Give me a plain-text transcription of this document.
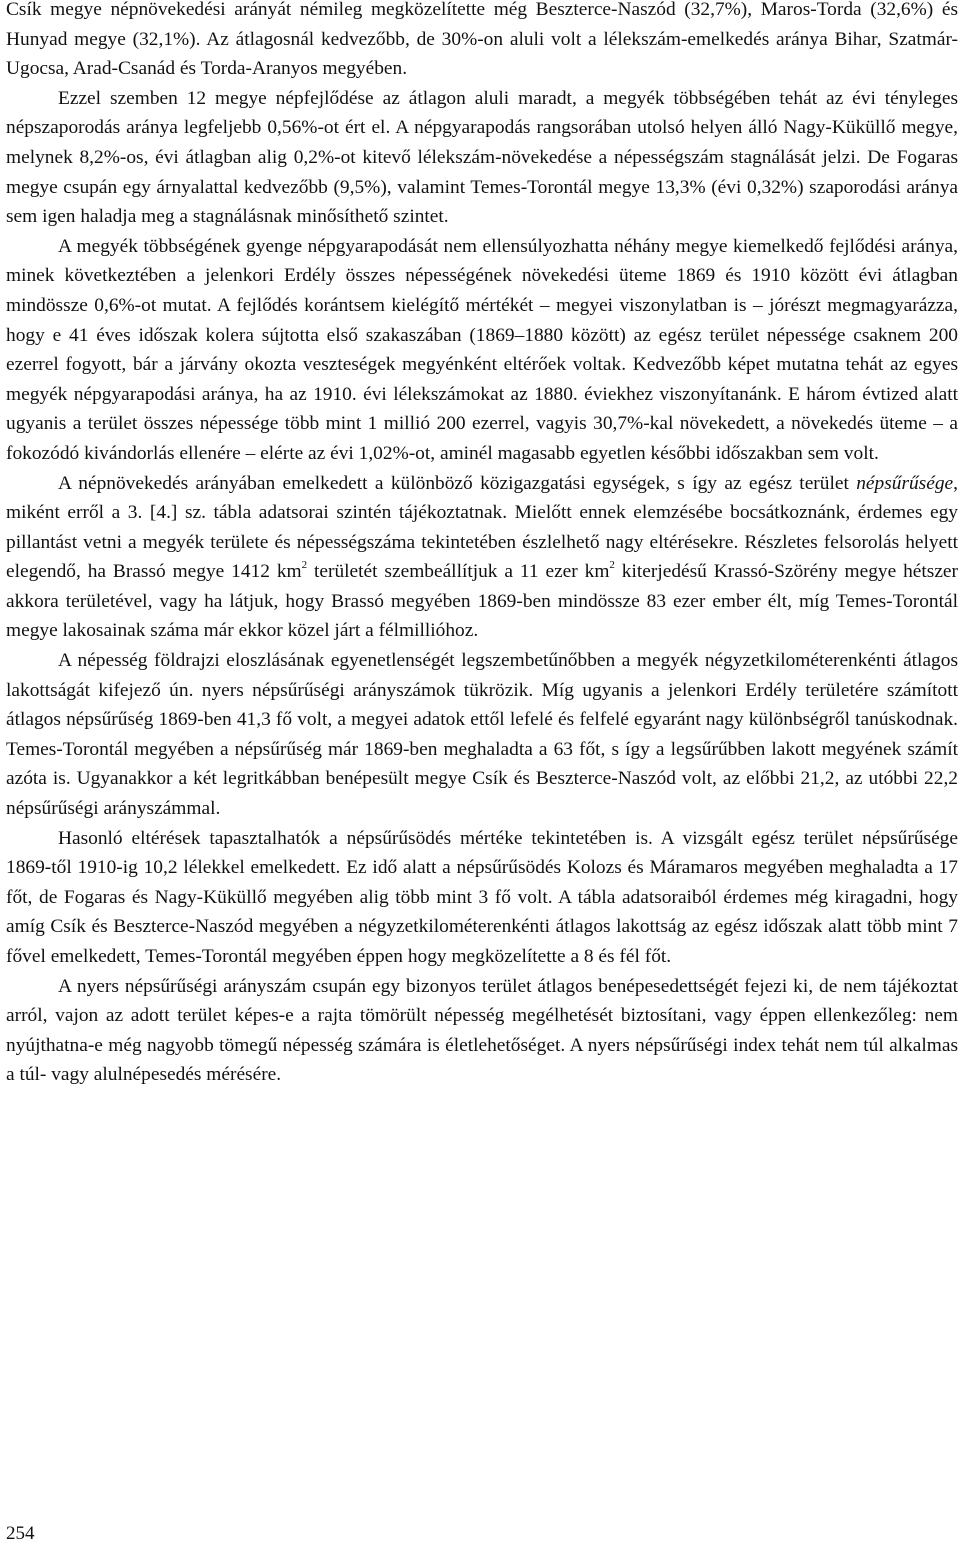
Csík megye népnövekedési arányát némileg megközelítette még Beszterce-Naszód (32,7%), Maros-Torda (32,6%) és Hunyad megye (32,1%). Az átlagosnál kedvezőbb, de 30%-on aluli volt a lélekszám-emelkedés aránya Bihar, Szatmár-Ugocsa, Arad-Csanád és Torda-Aranyos megyében.

Ezzel szemben 12 megye népfejlődése az átlagon aluli maradt, a megyék többségében tehát az évi tényleges népszaporodás aránya legfeljebb 0,56%-ot ért el. A népgyarapodás rangsorában utolsó helyen álló Nagy-Küküllő megye, melynek 8,2%-os, évi átlagban alig 0,2%-ot kitevő lélekszám-növekedése a népességszám stagnálását jelzi. De Fogaras megye csupán egy árnyalattal kedvezőbb (9,5%), valamint Temes-Torontál megye 13,3% (évi 0,32%) szaporodási aránya sem igen haladja meg a stagnálásnak minősíthető szintet.

A megyék többségének gyenge népgyarapodását nem ellensúlyozhatta néhány megye kiemelkedő fejlődési aránya, minek következtében a jelenkori Erdély összes népességének növekedési üteme 1869 és 1910 között évi átlagban mindössze 0,6%-ot mutat. A fejlődés korántsem kielégítő mértékét – megyei viszonylatban is – jórészt megmagyarázza, hogy e 41 éves időszak kolera sújtotta első szakaszában (1869–1880 között) az egész terület népessége csaknem 200 ezerrel fogyott, bár a járvány okozta veszteségek megyénként eltérőek voltak. Kedvezőbb képet mutatna tehát az egyes megyék népgyarapodási aránya, ha az 1910. évi lélekszámokat az 1880. éviekhez viszonyítanánk. E három évtized alatt ugyanis a terület összes népessége több mint 1 millió 200 ezerrel, vagyis 30,7%-kal növekedett, a növekedés üteme – a fokozódó kivándorlás ellenére – elérte az évi 1,02%-ot, aminél magasabb egyetlen későbbi időszakban sem volt.

A népnövekedés arányában emelkedett a különböző közigazgatási egységek, s így az egész terület népsűrűsége, miként erről a 3. [4.] sz. tábla adatsorai szintén tájékoztatnak. Mielőtt ennek elemzésébe bocsátkoznánk, érdemes egy pillantást vetni a megyék területe és népességszáma tekintetében észlelhető nagy eltérésekre. Részletes felsorolás helyett elegendő, ha Brassó megye 1412 $km^2$ területét szembeállítjuk a 11 ezer $km^2$ kiterjedésű Krassó-Szörény megye hétszer akkora területével, vagy ha látjuk, hogy Brassó megyében 1869-ben mindössze 83 ezer ember élt, míg Temes-Torontál megye lakosainak száma már ekkor közel járt a félmillióhoz.

A népesség földrajzi eloszlásának egyenetlenségét legszembetűnőbben a megyék négyzetkilométerenkénti átlagos lakottságát kifejező ún. nyers népsűrűségi arányszámok tükrözik. Míg ugyanis a jelenkori Erdély területére számított átlagos népsűrűség 1869-ben 41,3 fő volt, a megyei adatok ettől lefelé és felfelé egyaránt nagy különbségről tanúskodnak. Temes-Torontál megyében a népsűrűség már 1869-ben meghaladta a 63 főt, s így a legsűrűbben lakott megyének számít azóta is. Ugyanakkor a két legritkábban benépesült megye Csík és Beszterce-Naszód volt, az előbbi 21,2, az utóbbi 22,2 népsűrűségi arányszámmal.

Hasonló eltérések tapasztalhatók a népsűrűsödés mértéke tekintetében is. A vizsgált egész terület népsűrűsége 1869-től 1910-ig 10,2 lélekkel emelkedett. Ez idő alatt a népsűrűsödés Kolozs és Máramaros megyében meghaladta a 17 főt, de Fogaras és Nagy-Küküllő megyében alig több mint 3 fő volt. A tábla adatsoraiból érdemes még kiragadni, hogy amíg Csík és Beszterce-Naszód megyében a négyzetkilométerenkénti átlagos lakottság az egész időszak alatt több mint 7 fővel emelkedett, Temes-Torontál megyében éppen hogy megközelítette a 8 és fél főt.

A nyers népsűrűségi arányszám csupán egy bizonyos terület átlagos benépesedettségét fejezi ki, de nem tájékoztat arról, vajon az adott terület képes-e a rajta tömörült népesség megélhetését biztosítani, vagy éppen ellenkezőleg: nem nyújthatna-e még nagyobb tömegű népesség számára is életlehetőséget. A nyers népsűrűségi index tehát nem túl alkalmas a túl- vagy alulnépesedés mérésére.

254
